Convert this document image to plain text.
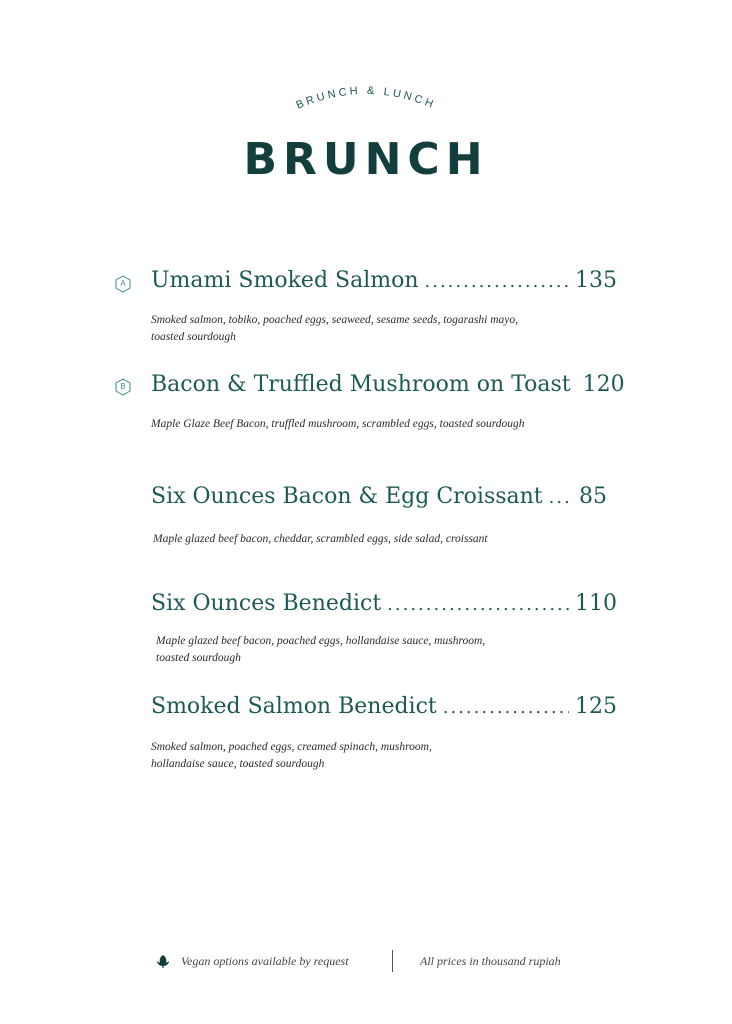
BRUNCH & LUNCH
BRUNCH
A Umami Smoked Salmon .....	135
Smoked salmon, tobiko, poached eggs, seaweed, sesame seeds, togarashi mayo,
toasted sourdough
B Bacon & Truffled Mushroom on Toast 120
Maple Glaze Beef Bacon, truffled mushroom, scrambled eggs, toasted sourdough
Six Ounces Bacon & Egg Croissant ..... 85
Maple glazed beef bacon, cheddar, scrambled eggs, side salad, croissant
Six Ounces Benedict .....	110
Maple glazed beef bacon, poached eggs, hollandaise sauce, mushroom,
toasted sourdough
Smoked Salmon Benedict .....	125
Smoked salmon, poached eggs, creamed spinach, mushroom,
hollandaise sauce, toasted sourdough
Vegan options available by request	All prices in thousand rupiah
